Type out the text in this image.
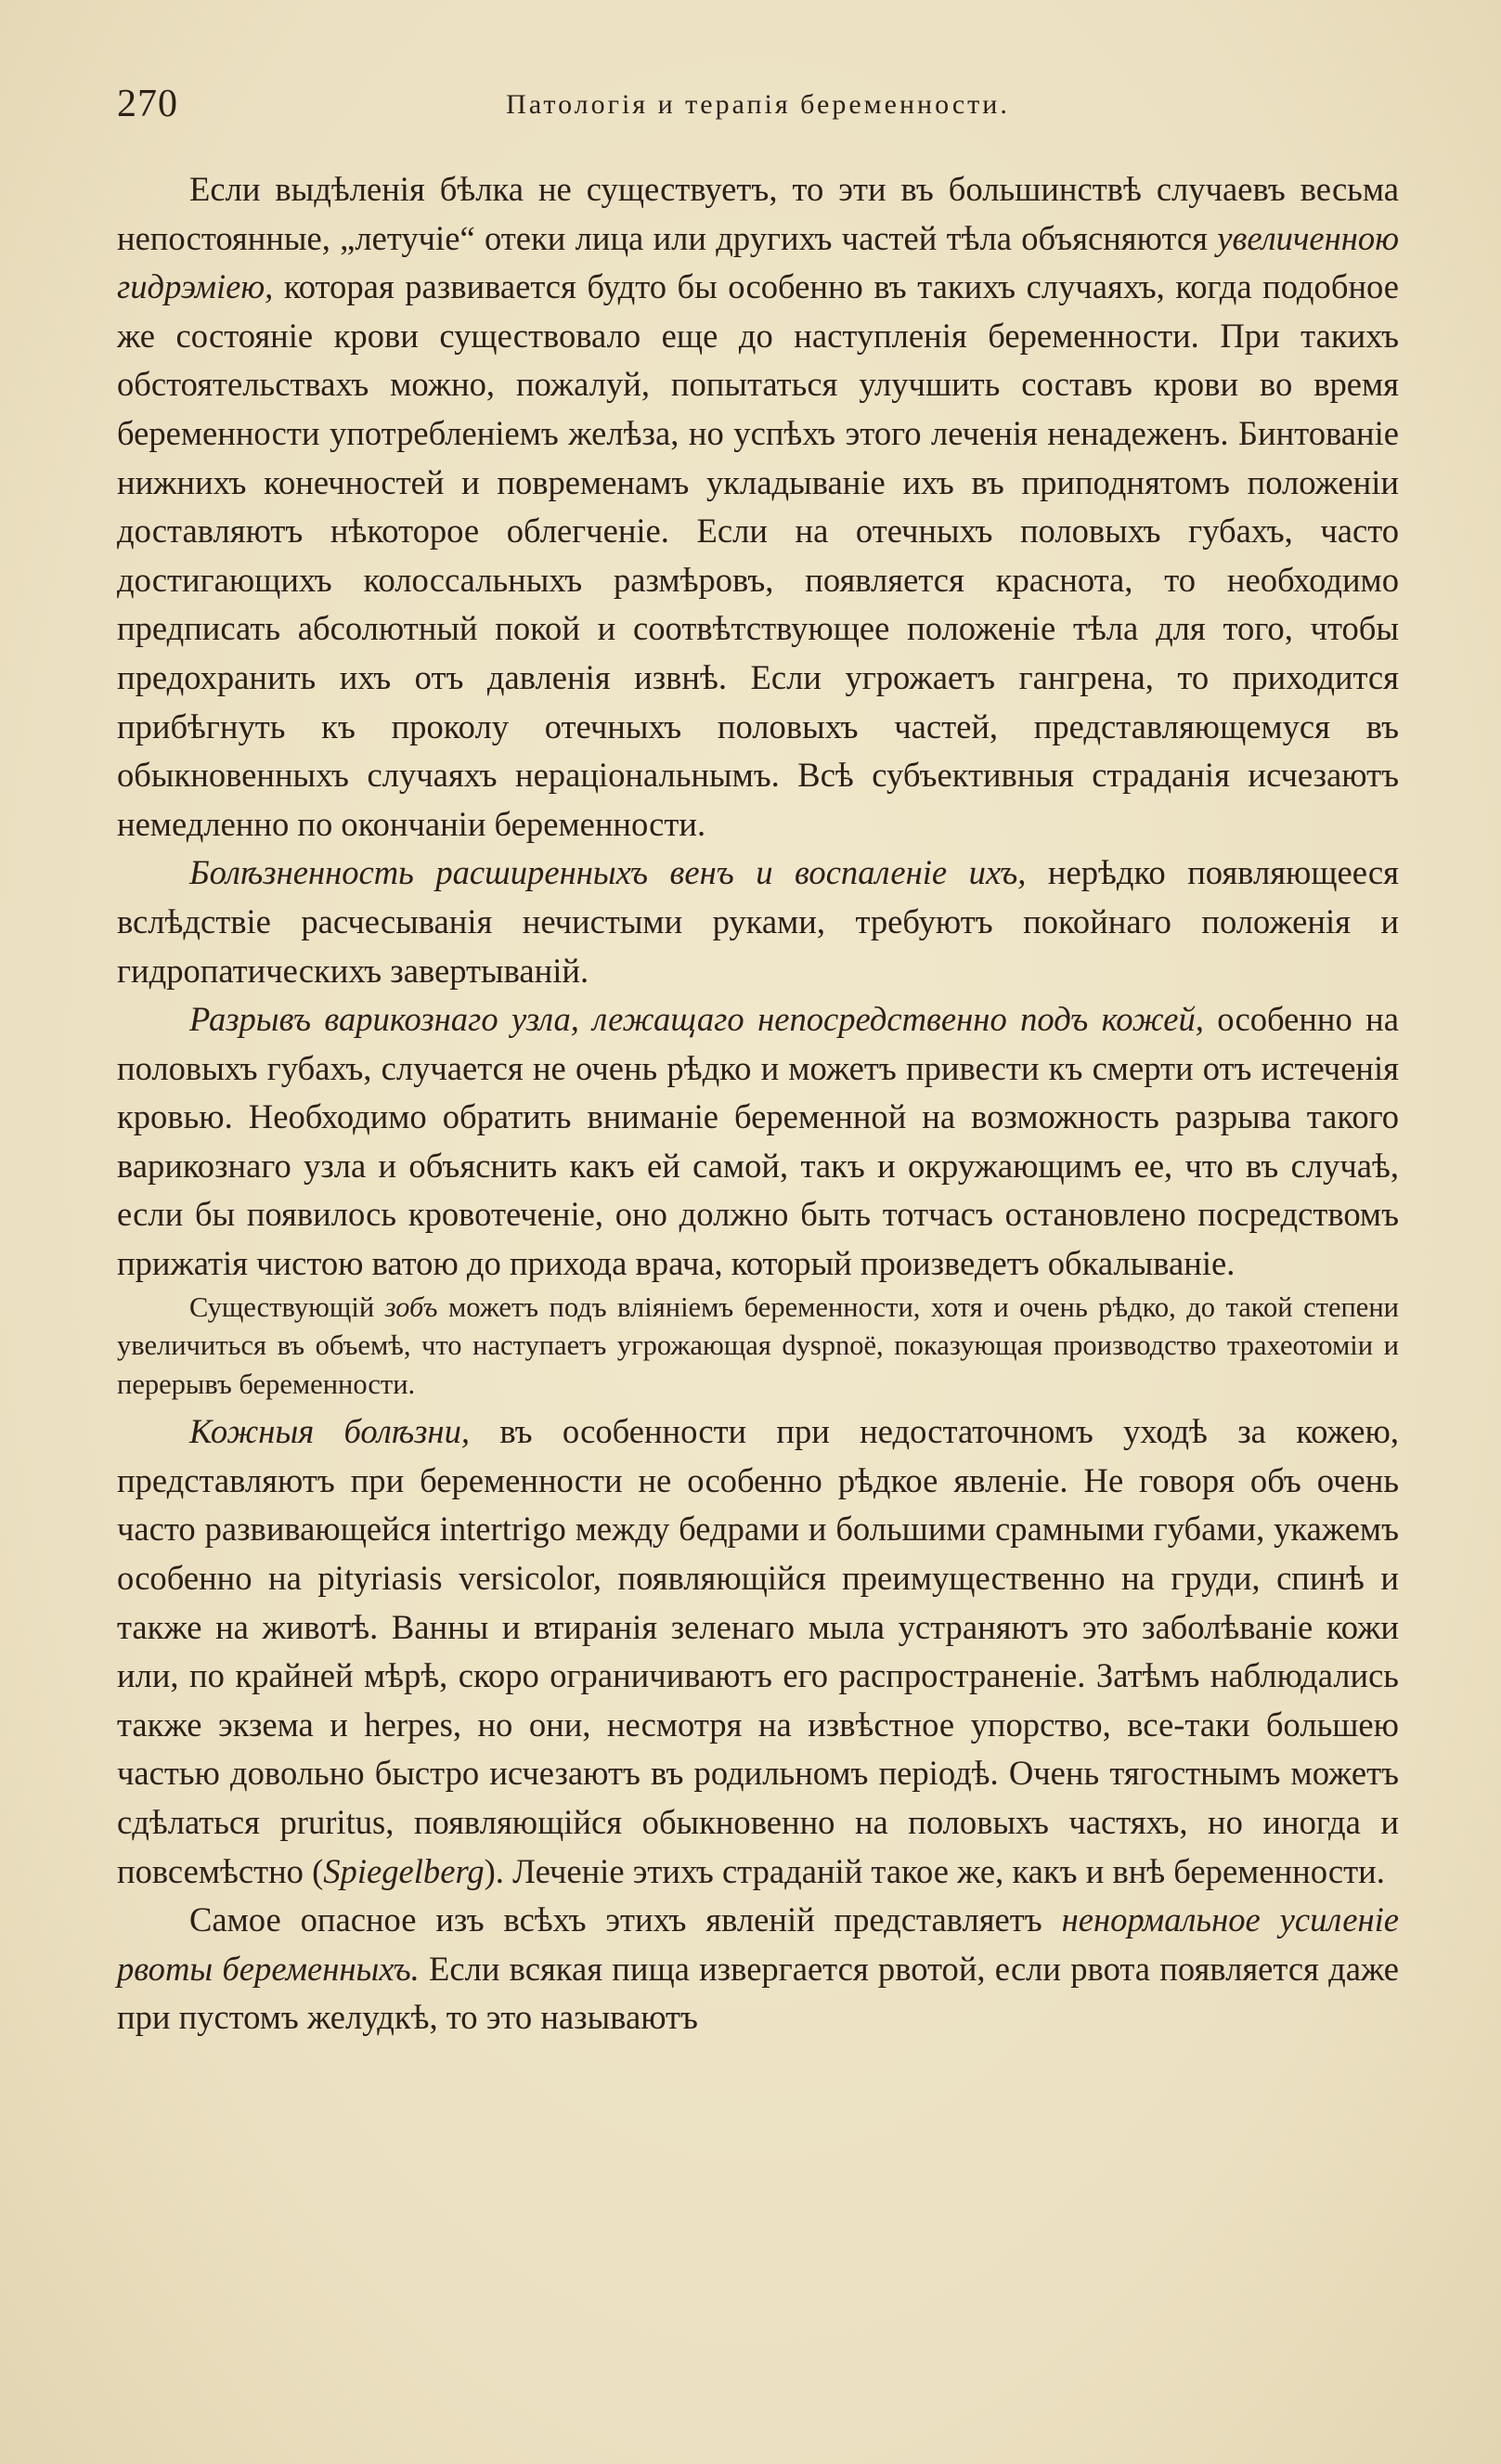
270	Патологія и терапія беременности.

Если выдѣленія бѣлка не существуетъ, то эти въ большинствѣ случаевъ весьма непостоянные, „летучіе“ отеки лица или другихъ частей тѣла объясняются увеличенною гидрэміею, которая развивается будто бы особенно въ такихъ случаяхъ, когда подобное же состояніе крови существовало еще до наступленія беременности. При такихъ обстоятельствахъ можно, пожалуй, попытаться улучшить составъ крови во время беременности употребленіемъ желѣза, но успѣхъ этого леченія ненадеженъ. Бинтованіе нижнихъ конечностей и повременамъ укладываніе ихъ въ приподнятомъ положеніи доставляютъ нѣкоторое облегченіе. Если на отечныхъ половыхъ губахъ, часто достигающихъ колоссальныхъ размѣровъ, появляется краснота, то необходимо предписать абсолютный покой и соотвѣтствующее положеніе тѣла для того, чтобы предохранить ихъ отъ давленія извнѣ. Если угрожаетъ гангрена, то приходится прибѣгнуть къ проколу отечныхъ половыхъ частей, представляющемуся въ обыкновенныхъ случаяхъ нераціональнымъ. Всѣ субъективныя страданія исчезаютъ немедленно по окончаніи беременности.

Болѣзненность расширенныхъ венъ и воспаленіе ихъ, нерѣдко появляющееся вслѣдствіе расчесыванія нечистыми руками, требуютъ покойнаго положенія и гидропатическихъ завертываній.

Разрывъ варикознаго узла, лежащаго непосредственно подъ кожей, особенно на половыхъ губахъ, случается не очень рѣдко и можетъ привести къ смерти отъ истеченія кровью. Необходимо обратить вниманіе беременной на возможность разрыва такого варикознаго узла и объяснить какъ ей самой, такъ и окружающимъ ее, что въ случаѣ, если бы появилось кровотеченіе, оно должно быть тотчасъ остановлено посредствомъ прижатія чистою ватою до прихода врача, который произведетъ обкалываніе.

Существующій зобъ можетъ подъ вліяніемъ беременности, хотя и очень рѣдко, до такой степени увеличиться въ объемѣ, что наступаетъ угрожающая dyspnoë, показующая производство трахеотоміи и перерывъ беременности.

Кожныя болѣзни, въ особенности при недостаточномъ уходѣ за кожею, представляютъ при беременности не особенно рѣдкое явленіе. Не говоря объ очень часто развивающейся intertrigo между бедрами и большими срамными губами, укажемъ особенно на pityriasis versicolor, появляющійся преимущественно на груди, спинѣ и также на животѣ. Ванны и втиранія зеленаго мыла устраняютъ это заболѣваніе кожи или, по крайней мѣрѣ, скоро ограничиваютъ его распространеніе. Затѣмъ наблюдались также экзема и herpes, но они, несмотря на извѣстное упорство, все-таки большею частью довольно быстро исчезаютъ въ родильномъ періодѣ. Очень тягостнымъ можетъ сдѣлаться pruritus, появляющійся обыкновенно на половыхъ частяхъ, но иногда и повсемѣстно (Spiegelberg). Леченіе этихъ страданій такое же, какъ и внѣ беременности.

Самое опасное изъ всѣхъ этихъ явленій представляетъ ненормальное усиленіе рвоты беременныхъ. Если всякая пища извергается рвотой, если рвота появляется даже при пустомъ желудкѣ, то это называютъ
